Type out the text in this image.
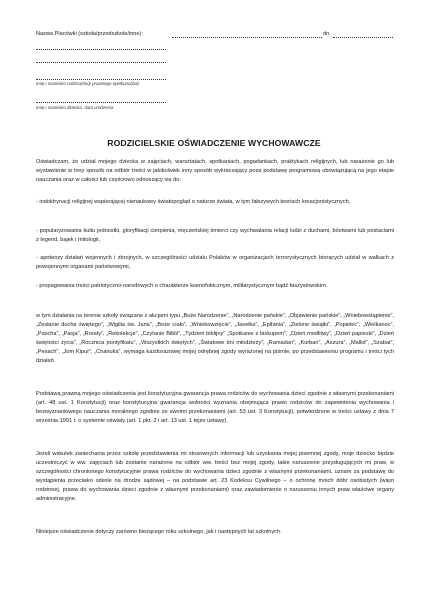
Nazwa Placówki (szkoła/przedszkole/inne):	dn.
Imię i nazwisko rodzica(ów)/ prawnego opiekuna(ów)
Imię i nazwisko dziecka, data urodzenia
RODZICIELSKIE OŚWIADCZENIE WYCHOWAWCZE
Oświadczam, że udział mojego dziecka w zajęciach, warsztatach, spotkaniach, pogadankach, praktykach religijnych, lub narażenie go lub wystawienie w inny sposób na odbiór treści w jakikolwiek inny sposób wykraczający poza podstawę programową obowiązującą na jego etapie nauczania oraz w całości lub częściowo odnoszący się do:
- indoktrynacji religijnej wspierającej nienaukowy światopogląd o naturze świata, w tym fałszywych teoriach kreacjonistycznych,
- popularyzowania kultu jednostki, gloryfikacji cierpienia, męczeńskiej śmierci czy wychwalania relacji ludzi z duchami, bóstwami lub postaciami z legend, bajek i mitologii,
- apoteozy działań wojennych i zbrojnych, w szczególności udziału Polaków w organizacjach terrorystycznych biorących udział w walkach z powojennymi organami państwowymi,
- propagowania treści patriotyczno-narodowych o charakterze ksenofobicznym, militarystycznym bądź faszystowskim.
w tym działania na terenie szkoły związane z akcjami typu „Boże Narodzenie”, „Narodzenie pańskie”, „Objawienie pańskie”, „Wniebowstąpienie”, „Zesłanie ducha świętego”, „Wigilia św. Jana”, „Boże ciało”, „Wniebowzięcie”, „Jasełka”, „Epifania”, „Zielone świątki”, „Popielec”, „Wielkanoc”, „Pascha”, „Pasja”, „Roraty”, „Rekolekcje”, „Czytanie Biblii”, „Tydzień biblijny” „Spotkanie z biskupem”, „Dzień modlitwy”, „Dzień papieski”, „Dzień świętości życia”, „Rocznica pontyfikatu”, „Wszystkich świętych”, „Światowe dni młodzieży”, „Ramadan”, „Kurban”, „Aszura”, „Mallid”, „Szabat”, „Pesach”, „Jom Kipur”, „Chanuka”, wymaga każdorazowej mojej odrębnej zgody wyrażonej na piśmie, po przedstawieniu programu i treści tych działań.
Podstawą prawną mojego oświadczenia jest konstytucyjna gwarancja prawa rodziców do wychowania dzieci zgodnie z własnymi przekonaniami (art. 48 ust. 1 Konstytucji) oraz konstytucyjna gwarancja wolności wyznania obejmująca prawo rodziców do zapewnienia wychowania i bezwyznaniowego nauczania moralnego zgodnie ze swoimi przekonaniami (art. 53 ust. 3 Konstytucji), potwierdzone w treści ustawy z dnia 7 września 1991 r. o systemie oświaty (art. 1 pkt. 2 i art. 13 ust. 1 tejże ustawy).
Jeżeli wskutek zaniechania przez szkołę przedstawienia mi stosownych informacji lub uzyskania mojej pisemnej zgody, moje dziecko będzie uczestniczyć w ww. zajęciach lub zostanie narażone na odbiór ww. treści bez mojej zgody, takie naruszenie przysługujących mi praw, w szczególności chronionego konstytucyjnie prawa rodziców do wychowania dzieci zgodnie z własnymi przekonaniami, uznam za podstawę do wystąpienia przeciwko szkole na drodze sądowej – na podstawie art. 23 Kodeksu Cywilnego – o ochronę moich dóbr osobistych (więzi rodzinnej, prawa do wychowania dzieci zgodnie z własnymi przekonaniami) oraz zawiadomienie o naruszeniu innych praw właściwe organy administracyjne.
Niniejsze oświadczenie dotyczy zarówno bieżącego roku szkolnego, jak i następnych lat szkolnych.
